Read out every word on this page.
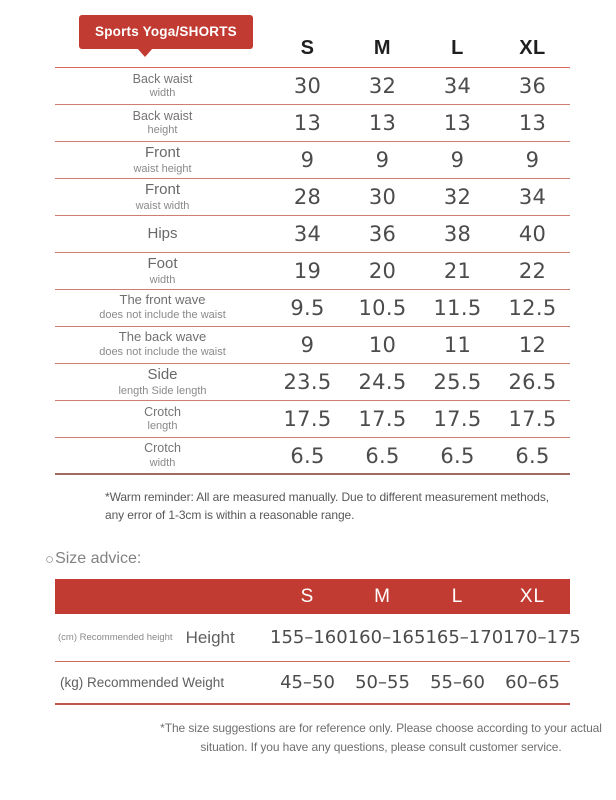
Sports Yoga/SHORTS
S	M	L	XL
Back waist
width	30	32	34	36
Back waist
height	13	13	13	13
Front
waist height	9	9	9	9
Front
waist width	28	30	32	34
Hips	34	36	38	40
Foot
width	19	20	21	22
The front wave
does not include the waist	9.5	10.5	11.5	12.5
The back wave
does not include the waist	9	10	11	12
Side
length Side length	23.5	24.5	25.5	26.5
Crotch
length	17.5	17.5	17.5	17.5
Crotch
width	6.5	6.5	6.5	6.5

*Warm reminder: All are measured manually. Due to different measurement methods, any error of 1-3cm is within a reasonable range.

○ Size advice:
S	M	L	XL
(cm) Recommended height Height 155–160 160–165 165–170 170–175
(kg) Recommended Weight	45–50	50–55	55–60	60–65

*The size suggestions are for reference only. Please choose according to your actual situation. If you have any questions, please consult customer service.
